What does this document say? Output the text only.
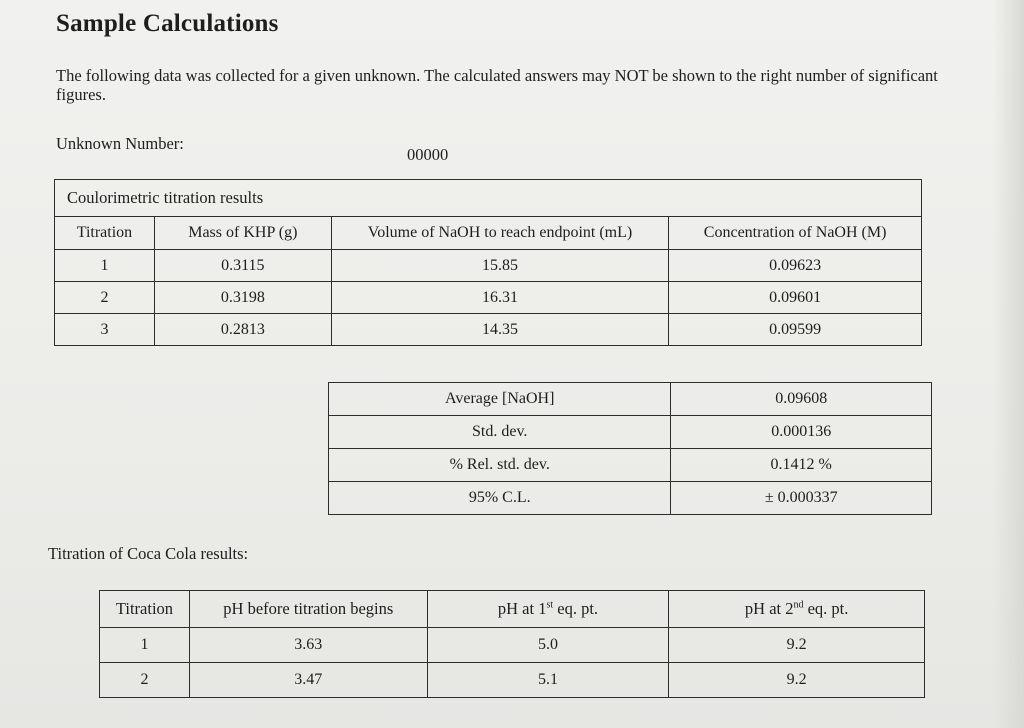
Sample Calculations
The following data was collected for a given unknown. The calculated answers may NOT be shown to the right number of significant figures.
Unknown Number:
00000
Coulorimetric titration results			
Titration	Mass of KHP (g)	Volume of NaOH to reach endpoint (mL)	Concentration of NaOH (M)
1	0.3115	15.85	0.09623
2	0.3198	16.31	0.09601
3	0.2813	14.35	0.09599
Average [NaOH]	0.09608
Std. dev.	0.000136
% Rel. std. dev.	0.1412 %
95% C.L.	± 0.000337
Titration of Coca Cola results:
Titration	pH before titration begins	pH at 1st eq. pt.	pH at 2nd eq. pt.
1	3.63	5.0	9.2
2	3.47	5.1	9.2
